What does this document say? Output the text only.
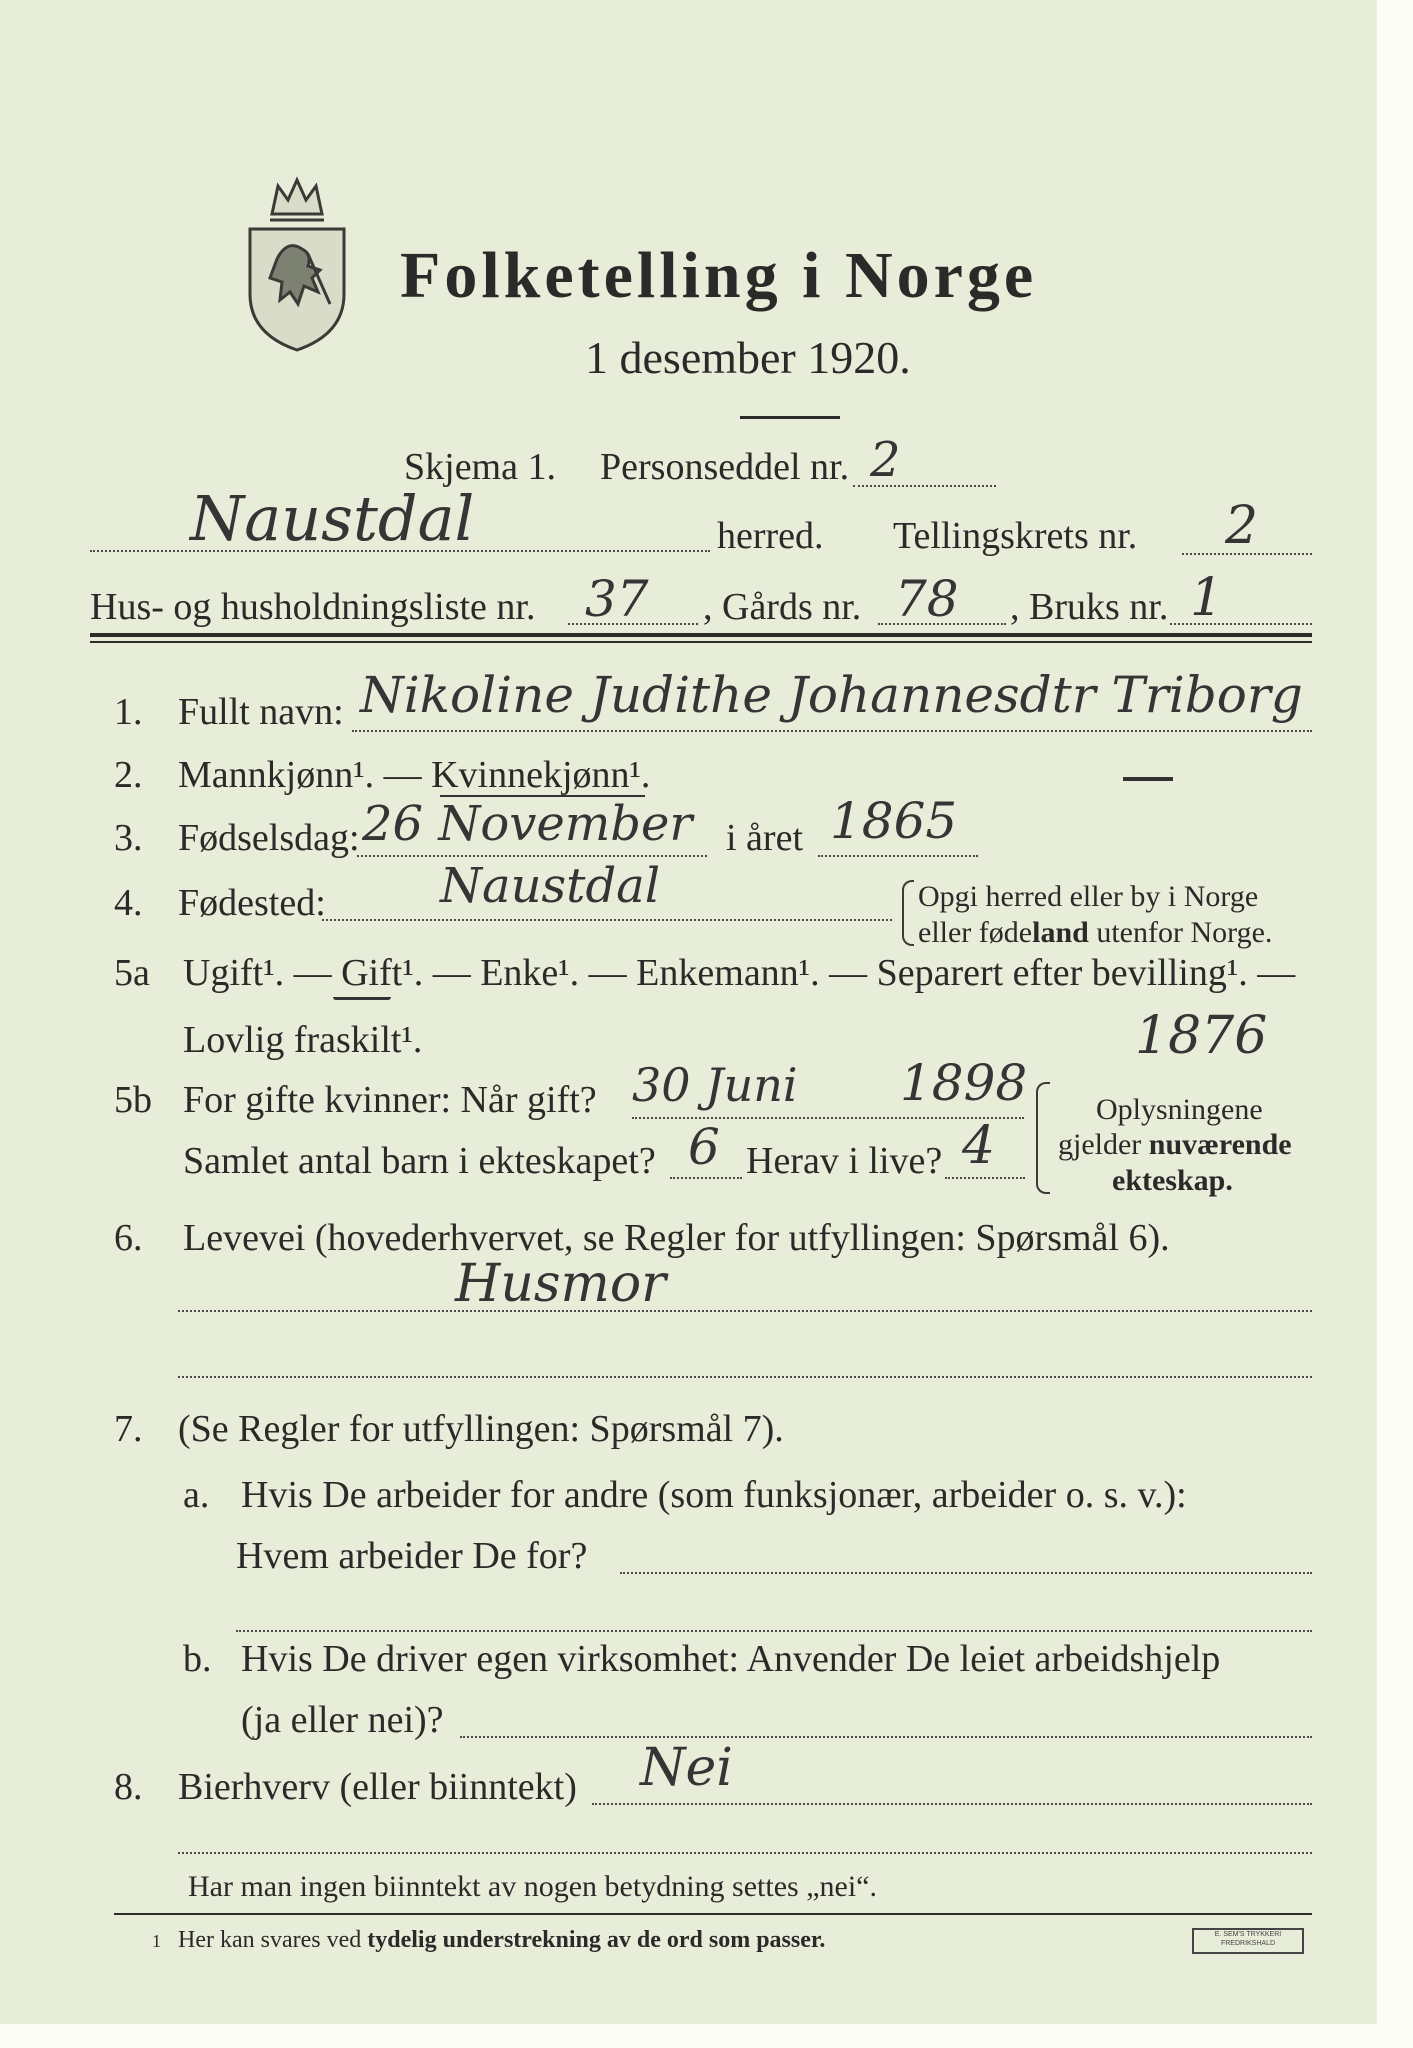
Folketelling i Norge
1 desember 1920.
Skjema 1. Personseddel nr. 2
Naustdal	herred. Tellingskrets nr. 2
Hus- og husholdningsliste nr. 37 , Gårds nr. 78 , Bruks nr. 1
1. Fullt navn: Nikoline Judithe Johannesdtr Triborg
2. Mannkjønn¹. — Kvinnekjønn¹.
3. Fødselsdag: 26 November i året 1865
4. Fødested: Naustdal	Opgi herred eller by i Norge
eller fødeland utenfor Norge.
5a Ugift¹. — Gift¹. — Enke¹. — Enkemann¹. — Separert efter bevilling¹. —
Lovlig fraskilt¹.	1876
5b For gifte kvinner: Når gift? 30 Juni 1898
Samlet antal barn i ekteskapet? 6 Herav i live? 4
Oplysningene
gjelder nuværende
ekteskap.
6. Levevei (hovederhvervet, se Regler for utfyllingen: Spørsmål 6).
Husmor
7. (Se Regler for utfyllingen: Spørsmål 7).
a. Hvis De arbeider for andre (som funksjonær, arbeider o. s. v.):
Hvem arbeider De for?
b. Hvis De driver egen virksomhet: Anvender De leiet arbeidshjelp
(ja eller nei)?
8. Bierhverv (eller biinntekt) Nei
Har man ingen biinntekt av nogen betydning settes „nei“.
1 Her kan svares ved tydelig understrekning av de ord som passer.	E. SEM'S TRYKKERI
FREDRIKSHALD
